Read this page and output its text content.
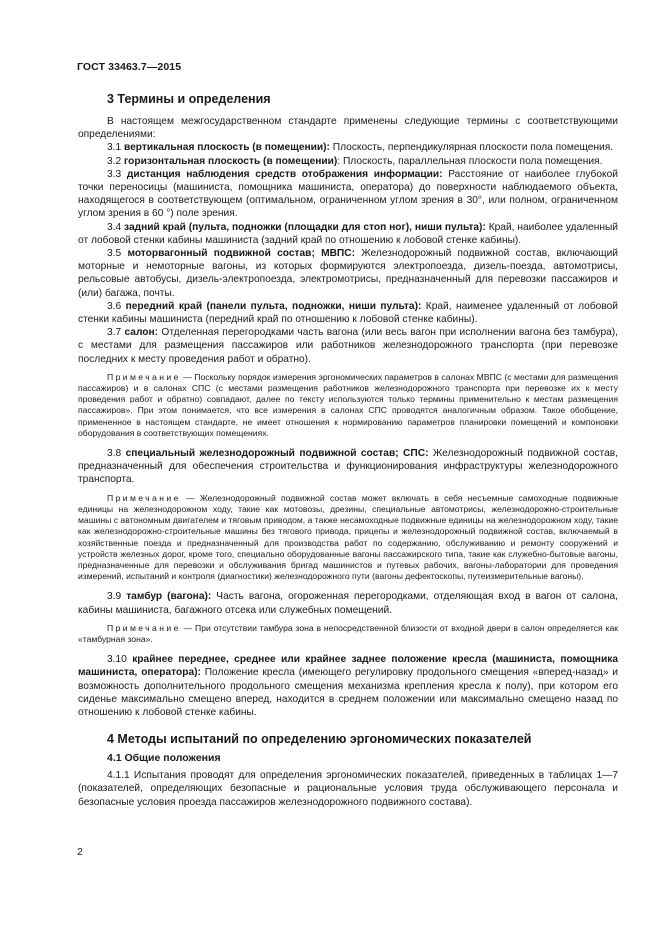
ГОСТ 33463.7—2015
3 Термины и определения

В настоящем межгосударственном стандарте применены следующие термины с соответствующими определениями:

3.1 вертикальная плоскость (в помещении): Плоскость, перпендикулярная плоскости пола помещения.

3.2 горизонтальная плоскость (в помещении): Плоскость, параллельная плоскости пола помещения.

3.3 дистанция наблюдения средств отображения информации: Расстояние от наиболее глубокой точки переносицы (машиниста, помощника машиниста, оператора) до поверхности наблюдаемого объекта, находящегося в соответствующем (оптимальном, ограниченном углом зрения в 30°, или полном, ограниченном углом зрения в 60 °) поле зрения.

3.4 задний край (пульта, подножки (площадки для стоп ног), ниши пульта): Край, наиболее удаленный от лобовой стенки кабины машиниста (задний край по отношению к лобовой стенке кабины).

3.5 моторвагонный подвижной состав; МВПС: Железнодорожный подвижной состав, включающий моторные и немоторные вагоны, из которых формируются электропоезда, дизель-поезда, автомотрисы, рельсовые автобусы, дизель-электропоезда, электромотрисы, предназначенный для перевозки пассажиров и (или) багажа, почты.

3.6 передний край (панели пульта, подножки, ниши пульта): Край, наименее удаленный от лобовой стенки кабины машиниста (передний край по отношению к лобовой стенке кабины).

3.7 салон: Отделенная перегородками часть вагона (или весь вагон при исполнении вагона без тамбура), с местами для размещения пассажиров или работников железнодорожного транспорта (при перевозке последних к месту проведения работ и обратно).

Примечание — Поскольку порядок измерения эргономических параметров в салонах МВПС (с местами для размещения пассажиров) и в салонах СПС (с местами размещения работников железнодорожного транспорта при перевозке их к месту проведения работ и обратно) совпадают, далее по тексту используются только термины применительно к местам размещения пассажиров». При этом понимается, что все измерения в салонах СПС проводятся аналогичным образом. Такое обобщение, примененное в настоящем стандарте, не имеет отношения к нормированию параметров планировки помещений и компоновки оборудования в соответствующих помещениях.

3.8 специальный железнодорожный подвижной состав; СПС: Железнодорожный подвижной состав, предназначенный для обеспечения строительства и функционирования инфраструктуры железнодорожного транспорта.

Примечание — Железнодорожный подвижной состав может включать в себя несъемные самоходные подвижные единицы на железнодорожном ходу, такие как мотовозы, дрезины, специальные автомотрисы, железнодорожно-строительные машины с автономным двигателем и тяговым приводом, а также несамоходные подвижные единицы на железнодорожном ходу, такие как железнодорожно-строительные машины без тягового привода, прицепы и железнодорожный подвижной состав, включаемый в хозяйственные поезда и предназначенный для производства работ по содержанию, обслуживанию и ремонту сооружений и устройств железных дорог, кроме того, специально оборудованные вагоны пассажирского типа, такие как служебно-бытовые вагоны, предназначенные для перевозки и обслуживания бригад машинистов и путевых рабочих, вагоны-лаборатории для проведения измерений, испытаний и контроля (диагностики) железнодорожного пути (вагоны дефектоскопы, путеизмерительные вагоны).

3.9 тамбур (вагона): Часть вагона, огороженная перегородками, отделяющая вход в вагон от салона, кабины машиниста, багажного отсека или служебных помещений.

Примечание — При отсутствии тамбура зона в непосредственной близости от входной двери в салон определяется как «тамбурная зона».

3.10 крайнее переднее, среднее или крайнее заднее положение кресла (машиниста, помощника машиниста, оператора): Положение кресла (имеющего регулировку продольного смещения «вперед-назад» и возможность дополнительного продольного смещения механизма крепления кресла к полу), при котором его сиденье максимально смещено вперед, находится в среднем положении или максимально смещено назад по отношению к лобовой стенке кабины.

4 Методы испытаний по определению эргономических показателей
4.1 Общие положения

4.1.1 Испытания проводят для определения эргономических показателей, приведенных в таблицах 1—7 (показателей, определяющих безопасные и рациональные условия труда обслуживающего персонала и безопасные условия проезда пассажиров железнодорожного подвижного состава).

2
